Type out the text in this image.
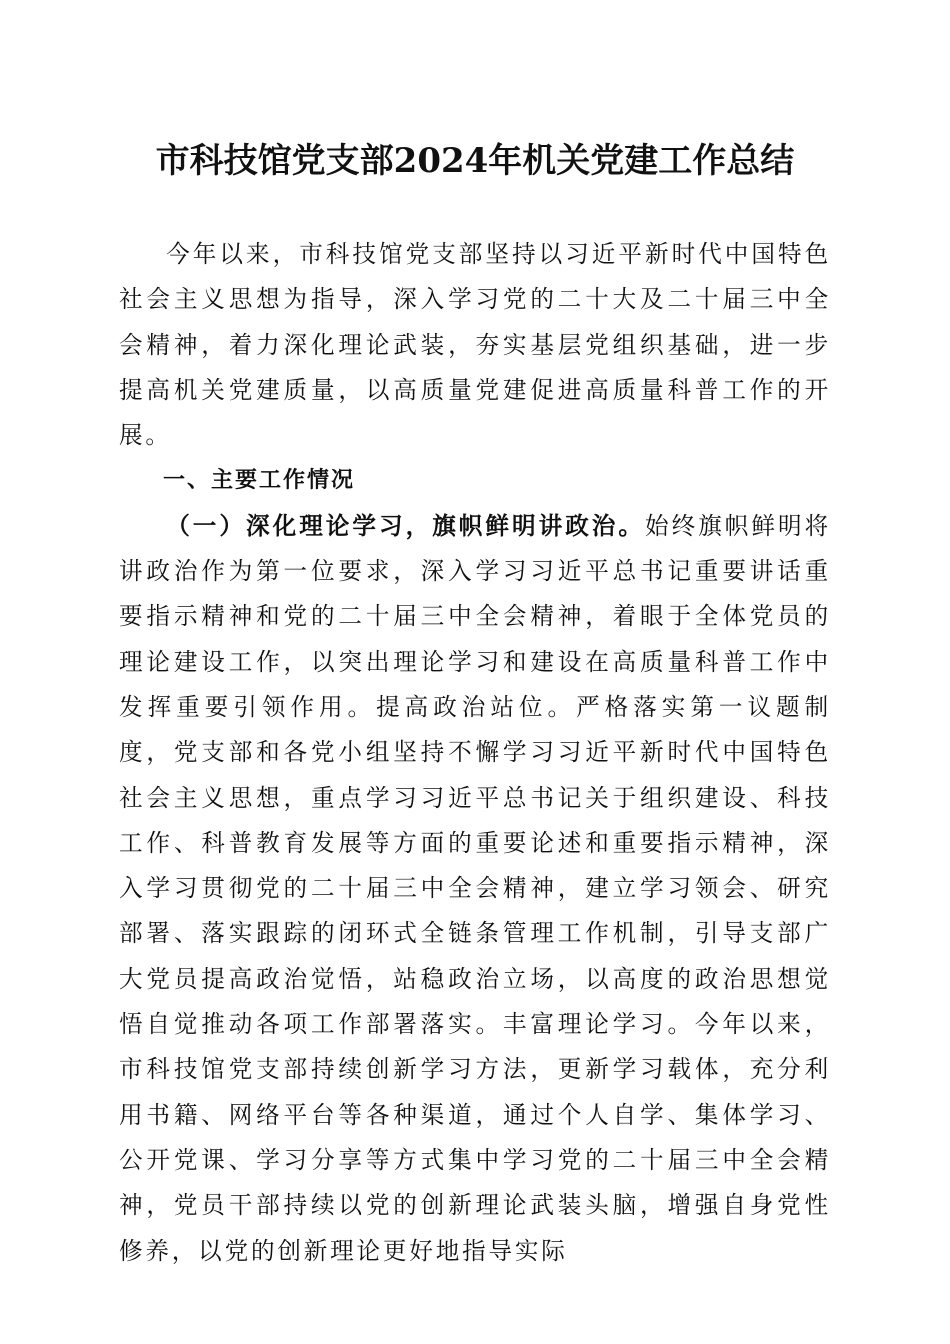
市科技馆党支部2024年机关党建工作总结

今年以来，市科技馆党支部坚持以习近平新时代中国特色社会主义思想为指导，深入学习党的二十大及二十届三中全会精神，着力深化理论武装，夯实基层党组织基础，进一步提高机关党建质量，以高质量党建促进高质量科普工作的开展。

一、主要工作情况

（一）深化理论学习，旗帜鲜明讲政治。始终旗帜鲜明将讲政治作为第一位要求，深入学习习近平总书记重要讲话重要指示精神和党的二十届三中全会精神，着眼于全体党员的理论建设工作，以突出理论学习和建设在高质量科普工作中发挥重要引领作用。提高政治站位。严格落实第一议题制度，党支部和各党小组坚持不懈学习习近平新时代中国特色社会主义思想，重点学习习近平总书记关于组织建设、科技工作、科普教育发展等方面的重要论述和重要指示精神，深入学习贯彻党的二十届三中全会精神，建立学习领会、研究部署、落实跟踪的闭环式全链条管理工作机制，引导支部广大党员提高政治觉悟，站稳政治立场，以高度的政治思想觉悟自觉推动各项工作部署落实。丰富理论学习。今年以来，市科技馆党支部持续创新学习方法，更新学习载体，充分利用书籍、网络平台等各种渠道，通过个人自学、集体学习、公开党课、学习分享等方式集中学习党的二十届三中全会精神，党员干部持续以党的创新理论武装头脑，增强自身党性修养，以党的创新理论更好地指导实际
